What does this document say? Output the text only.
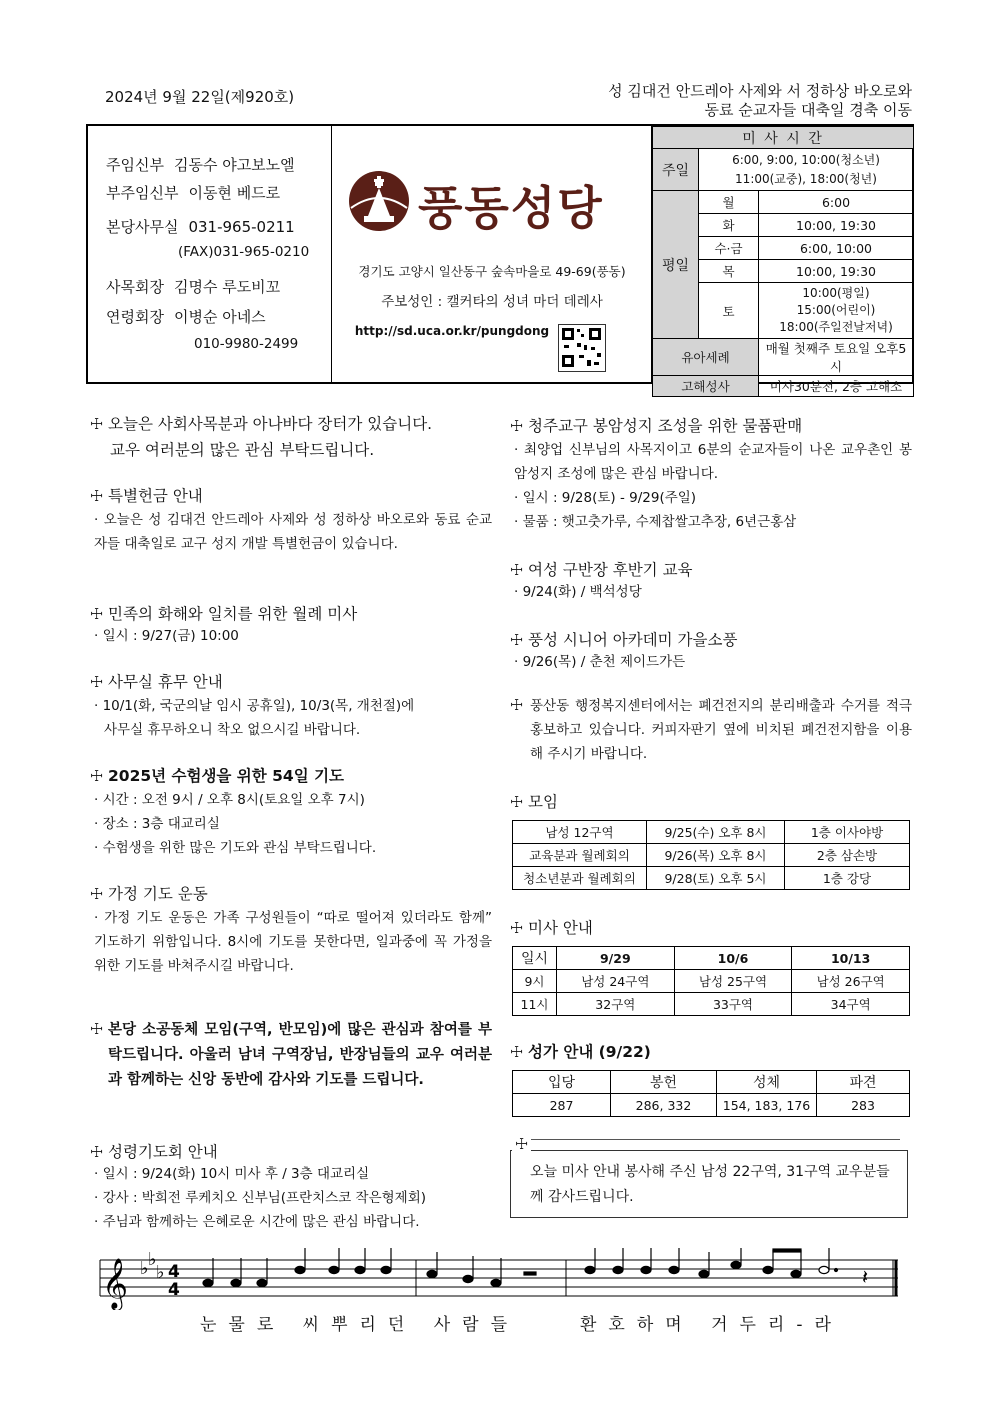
2024년 9월 22일(제920호)	성 김대건 안드레아 사제와 서 정하상 바오로와
동료 순교자들 대축일 경축 이동
주임신부 김동수 야고보노엘
부주임신부 이동현 베드로
본당사무실 031-965-0211
(FAX)031-965-0210
사목회장 김명수 루도비꼬
연령회장 이병순 아네스
010-9980-2499
풍동성당
경기도 고양시 일산동구 숲속마을로 49-69(풍동)
주보성인 : 캘커타의 성녀 마더 데레사
http://sd.uca.or.kr/pungdong
미 사 시 간		
주일	6:00, 9:00, 10:00(청소년)
11:00(교중), 18:00(청년)	

평일	월	6:00
	화	10:00, 19:30
	수·금	6:00, 10:00
	목	10:00, 19:30
	토	10:00(평일)
15:00(어린이)
18:00(주일전날저녁)

유아세례		매월 첫째주 토요일 오후5시
고해성사		미사30분전, 2층 고해소
☩ 오늘은 사회사목분과 아나바다 장터가 있습니다.
교우 여러분의 많은 관심 부탁드립니다.
☩ 특별헌금 안내
· 오늘은 성 김대건 안드레아 사제와 성 정하상 바오로와 동료 순교자들 대축일로 교구 성지 개발 특별헌금이 있습니다.
☩ 민족의 화해와 일치를 위한 월례 미사
· 일시 : 9/27(금) 10:00
☩ 사무실 휴무 안내
· 10/1(화, 국군의날 임시 공휴일), 10/3(목, 개천절)에
사무실 휴무하오니 착오 없으시길 바랍니다.
☩ 2025년 수험생을 위한 54일 기도
· 시간 : 오전 9시 / 오후 8시(토요일 오후 7시)
· 장소 : 3층 대교리실
· 수험생을 위한 많은 기도와 관심 부탁드립니다.
☩ 가정 기도 운동
· 가정 기도 운동은 가족 구성원들이 “따로 떨어져 있더라도 함께” 기도하기 위함입니다. 8시에 기도를 못한다면, 일과중에 꼭 가정을 위한 기도를 바쳐주시길 바랍니다.
☩ 본당 소공동체 모임(구역, 반모임)에 많은 관심과 참여를 부탁드립니다. 아울러 남녀 구역장님, 반장님들의 교우 여러분과 함께하는 신앙 동반에 감사와 기도를 드립니다.
☩ 성령기도회 안내
· 일시 : 9/24(화) 10시 미사 후 / 3층 대교리실
· 강사 : 박희전 루케치오 신부님(프란치스코 작은형제회)
· 주님과 함께하는 은혜로운 시간에 많은 관심 바랍니다.
☩ 청주교구 봉암성지 조성을 위한 물품판매
· 최양업 신부님의 사목지이고 6분의 순교자들이 나온 교우촌인 봉암성지 조성에 많은 관심 바랍니다.
· 일시 : 9/28(토) - 9/29(주일)
· 물품 : 햇고춧가루, 수제찹쌀고추장, 6년근홍삼
☩ 여성 구반장 후반기 교육
· 9/24(화) / 백석성당
☩ 풍성 시니어 아카데미 가을소풍
· 9/26(목) / 춘천 제이드가든
☩ 풍산동 행정복지센터에서는 폐건전지의 분리배출과 수거를 적극 홍보하고 있습니다. 커피자판기 옆에 비치된 폐건전지함을 이용해 주시기 바랍니다.
☩ 모임
남성 12구역	9/25(수) 오후 8시	1층 이사야방
교육분과 월례회의	9/26(목) 오후 8시	2층 삼손방
청소년분과 월례회의	9/28(토) 오후 5시	1층 강당
☩ 미사 안내
일시	9/29	10/6	10/13
9시	남성 24구역	남성 25구역	남성 26구역
11시	32구역	33구역	34구역
☩ 성가 안내 (9/22)
입당	봉헌	성체	파견
287	286, 332	154, 183, 176	283
☩
오늘 미사 안내 봉사해 주신 남성 22구역, 31구역 교우분들께 감사드립니다.
𝄞 ♭ ♭
♭ 4
4
𝄽
눈물로 씨뿌리던 사람들	환호하며 거두리-라
